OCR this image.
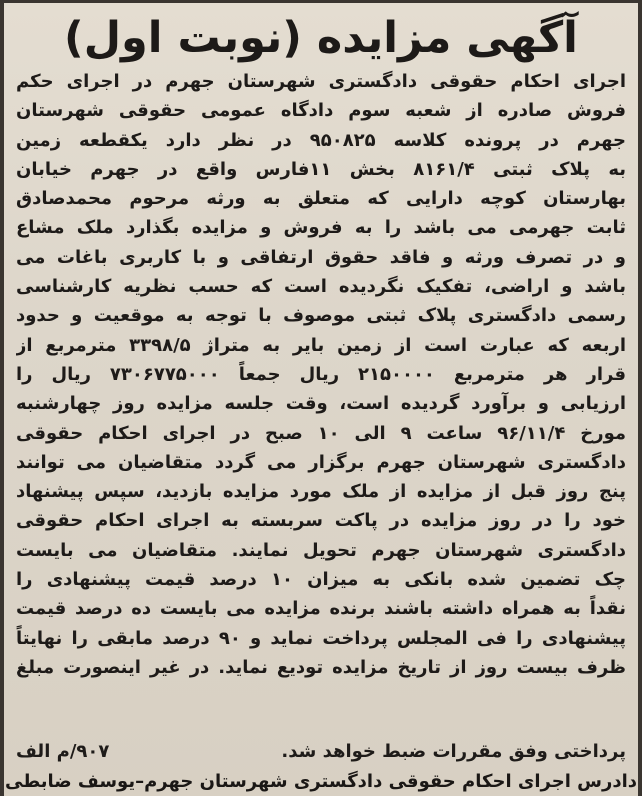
آگهی مزایده (نوبت اول)
اجرای احکام حقوقی دادگستری شهرستان جهرم در اجرای حکم
فروش صادره از شعبه سوم دادگاه عمومی حقوقی شهرستان
جهرم در پرونده کلاسه ۹۵۰۸۲۵ در نظر دارد یکقطعه زمین
به پلاک ثبتی ۸۱۶۱/۴ بخش ۱۱فارس واقع در جهرم خیابان
بهارستان کوچه دارایی که متعلق به ورثه مرحوم محمدصادق
ثابت جهرمی می باشد را به فروش و مزایده بگذارد ملک مشاع
و در تصرف ورثه و فاقد حقوق ارتفاقی و با کاربری باغات می
باشد و اراضی، تفکیک نگردیده است که حسب نظریه کارشناسی
رسمی دادگستری پلاک ثبتی موصوف با توجه به موقعیت و حدود
اربعه که عبارت است از زمین بایر به متراژ ۳۳۹۸/۵ مترمربع از
قرار هر مترمربع ۲۱۵۰۰۰۰ ریال جمعاً ۷۳۰۶۷۷۵۰۰۰ ریال را
ارزیابی و برآورد گردیده است، وقت جلسه مزایده روز چهارشنبه
مورخ ۹۶/۱۱/۴ ساعت ۹ الی ۱۰ صبح در اجرای احکام حقوقی
دادگستری شهرستان جهرم برگزار می گردد متقاضیان می توانند
پنج روز قبل از مزایده از ملک مورد مزایده بازدید، سپس پیشنهاد
خود را در روز مزایده در پاکت سربسته به اجرای احکام حقوقی
دادگستری شهرستان جهرم تحویل نمایند. متقاضیان می بایست
چک تضمین شده بانکی به میزان ۱۰ درصد قیمت پیشنهادی را
نقداً به همراه داشته باشند برنده مزایده می بایست ده درصد قیمت
پیشنهادی را فی المجلس پرداخت نماید و ۹۰ درصد مابقی را نهایتاً
ظرف بیست روز از تاریخ مزایده تودیع نماید. در غیر اینصورت مبلغ
۹۰۷/م الف	پرداختی وفق مقررات ضبط خواهد شد.
دادرس اجرای احکام حقوقی دادگستری شهرستان جهرم–یوسف ضابطی
